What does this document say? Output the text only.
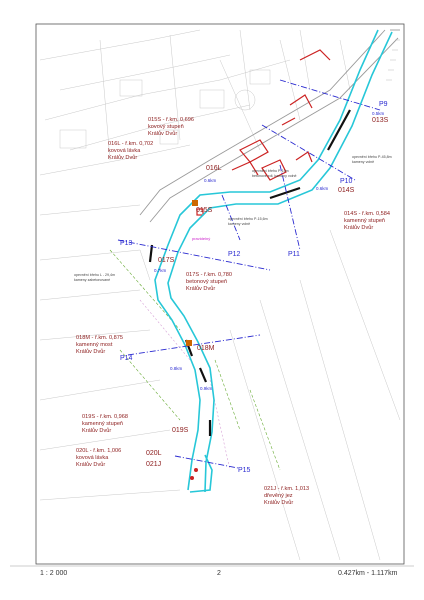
P9
P10
P11
P12
P13
P14
P15
0.5km
0.6km
0.7km
0.8km
0.9km
0.6km
013S
014S
016L
015S
017S
018M
019S
020L
021J
015S - ř.km. 0,696
kovový stupeň
Králův Dvůr
016L - ř.km. 0,702
kovová lávka
Králův Dvůr
014S - ř.km. 0,584
kamenný stupeň
Králův Dvůr
017S - ř.km. 0,780
betonový stupeň
Králův Dvůr
018M - ř.km. 0,875
kamenný most
Králův Dvůr
019S - ř.km. 0,968
kamenný stupeň
Králův Dvůr
020L - ř.km. 1,006
kovová lávka
Králův Dvůr
021J - ř.km. 1,013
dřevěný jez
Králův Dvůr
opevnění břehu P-45,8m
kameny volně
opevnění břehu P-15m
betonové zdi, kameny volně
opevnění břehu P-15,6m
kameny volně
opevnění břehu L - 29,4m
kameny zabetonované
pravidelný
1 : 2 000	2	0.427km - 1.117km
